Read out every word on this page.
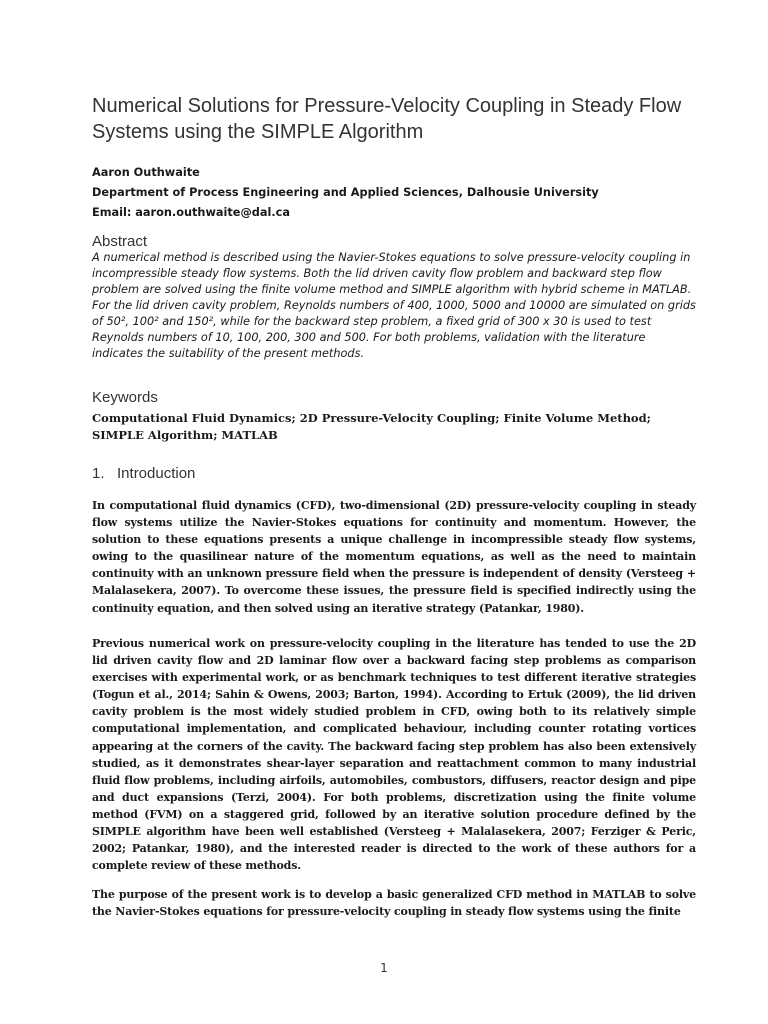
Numerical Solutions for Pressure-Velocity Coupling in Steady Flow Systems using the SIMPLE Algorithm
Aaron Outhwaite
Department of Process Engineering and Applied Sciences, Dalhousie University
Email: aaron.outhwaite@dal.ca
Abstract

A numerical method is described using the Navier-Stokes equations to solve pressure-velocity coupling in incompressible steady flow systems. Both the lid driven cavity flow problem and backward step flow problem are solved using the finite volume method and SIMPLE algorithm with hybrid scheme in MATLAB. For the lid driven cavity problem, Reynolds numbers of 400, 1000, 5000 and 10000 are simulated on grids of 50², 100² and 150², while for the backward step problem, a fixed grid of 300 x 30 is used to test Reynolds numbers of 10, 100, 200, 300 and 500. For both problems, validation with the literature indicates the suitability of the present methods.

Keywords

Computational Fluid Dynamics; 2D Pressure-Velocity Coupling; Finite Volume Method; SIMPLE Algorithm; MATLAB

1.   Introduction

In computational fluid dynamics (CFD), two-dimensional (2D) pressure-velocity coupling in steady flow systems utilize the Navier-Stokes equations for continuity and momentum. However, the solution to these equations presents a unique challenge in incompressible steady flow systems, owing to the quasilinear nature of the momentum equations, as well as the need to maintain continuity with an unknown pressure field when the pressure is independent of density (Versteeg + Malalasekera, 2007). To overcome these issues, the pressure field is specified indirectly using the continuity equation, and then solved using an iterative strategy (Patankar, 1980).

Previous numerical work on pressure-velocity coupling in the literature has tended to use the 2D lid driven cavity flow and 2D laminar flow over a backward facing step problems as comparison exercises with experimental work, or as benchmark techniques to test different iterative strategies (Togun et al., 2014; Sahin & Owens, 2003; Barton, 1994). According to Ertuk (2009), the lid driven cavity problem is the most widely studied problem in CFD, owing both to its relatively simple computational implementation, and complicated behaviour, including counter rotating vortices appearing at the corners of the cavity. The backward facing step problem has also been extensively studied, as it demonstrates shear-layer separation and reattachment common to many industrial fluid flow problems, including airfoils, automobiles, combustors, diffusers, reactor design and pipe and duct expansions (Terzi, 2004). For both problems, discretization using the finite volume method (FVM) on a staggered grid, followed by an iterative solution procedure defined by the SIMPLE algorithm have been well established (Versteeg + Malalasekera, 2007; Ferziger & Peric, 2002; Patankar, 1980), and the interested reader is directed to the work of these authors for a complete review of these methods.

The purpose of the present work is to develop a basic generalized CFD method in MATLAB to solve the Navier-Stokes equations for pressure-velocity coupling in steady flow systems using the finite

1
